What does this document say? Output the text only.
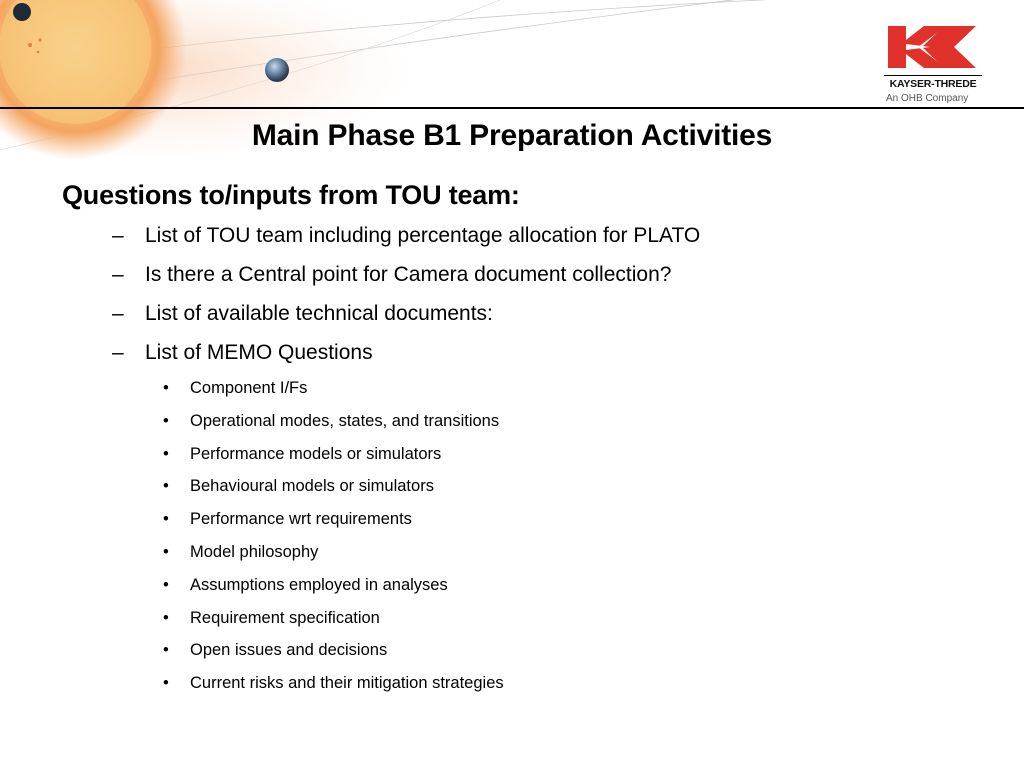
KAYSER-THREDE
An OHB Company
Main Phase B1 Preparation Activities
Questions to/inputs from TOU team:
– List of TOU team including percentage allocation for PLATO
– Is there a Central point for Camera document collection?
– List of available technical documents:
– List of MEMO Questions
• Component I/Fs
• Operational modes, states, and transitions
• Performance models or simulators
• Behavioural models or simulators
• Performance wrt requirements
• Model philosophy
• Assumptions employed in analyses
• Requirement specification
• Open issues and decisions
• Current risks and their mitigation strategies
